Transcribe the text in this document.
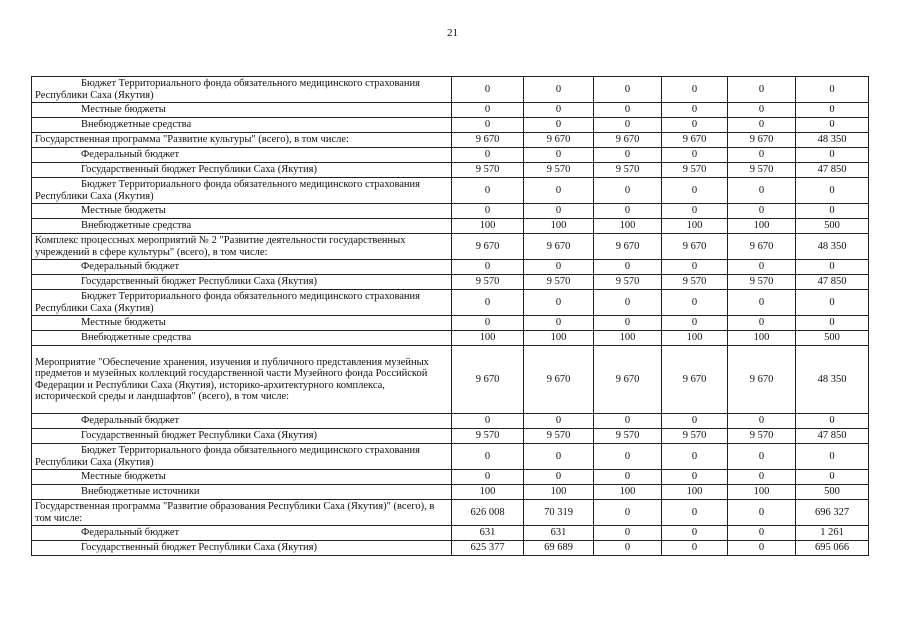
21
Бюджет Территориального фонда обязательного медицинского страхования Республики Саха (Якутия)	0	0	0	0	0	0
Местные бюджеты	0	0	0	0	0	0
Внебюджетные средства	0	0	0	0	0	0
Государственная программа "Развитие культуры" (всего), в том числе:	9 670	9 670	9 670	9 670	9 670	48 350
Федеральный бюджет	0	0	0	0	0	0
Государственный бюджет Республики Саха (Якутия)	9 570	9 570	9 570	9 570	9 570	47 850
Бюджет Территориального фонда обязательного медицинского страхования Республики Саха (Якутия)	0	0	0	0	0	0
Местные бюджеты	0	0	0	0	0	0
Внебюджетные средства	100	100	100	100	100	500
Комплекс процессных мероприятий № 2 "Развитие деятельности государственных учреждений в сфере культуры" (всего), в том числе:	9 670	9 670	9 670	9 670	9 670	48 350
Федеральный бюджет	0	0	0	0	0	0
Государственный бюджет Республики Саха (Якутия)	9 570	9 570	9 570	9 570	9 570	47 850
Бюджет Территориального фонда обязательного медицинского страхования Республики Саха (Якутия)	0	0	0	0	0	0
Местные бюджеты	0	0	0	0	0	0
Внебюджетные средства	100	100	100	100	100	500
Мероприятие "Обеспечение хранения, изучения и публичного представления музейных предметов и музейных коллекций государственной части Музейного фонда Российской Федерации и Республики Саха (Якутия), историко-архитектурного комплекса, исторической среды и ландшафтов" (всего), в том числе:	9 670	9 670	9 670	9 670	9 670	48 350
Федеральный бюджет	0	0	0	0	0	0
Государственный бюджет Республики Саха (Якутия)	9 570	9 570	9 570	9 570	9 570	47 850
Бюджет Территориального фонда обязательного медицинского страхования Республики Саха (Якутия)	0	0	0	0	0	0
Местные бюджеты	0	0	0	0	0	0
Внебюджетные источники	100	100	100	100	100	500
Государственная программа "Развитие образования Республики Саха (Якутия)" (всего), в том числе:	626 008	70 319	0	0	0	696 327
Федеральный бюджет	631	631	0	0	0	1 261
Государственный бюджет Республики Саха (Якутия)	625 377	69 689	0	0	0	695 066
